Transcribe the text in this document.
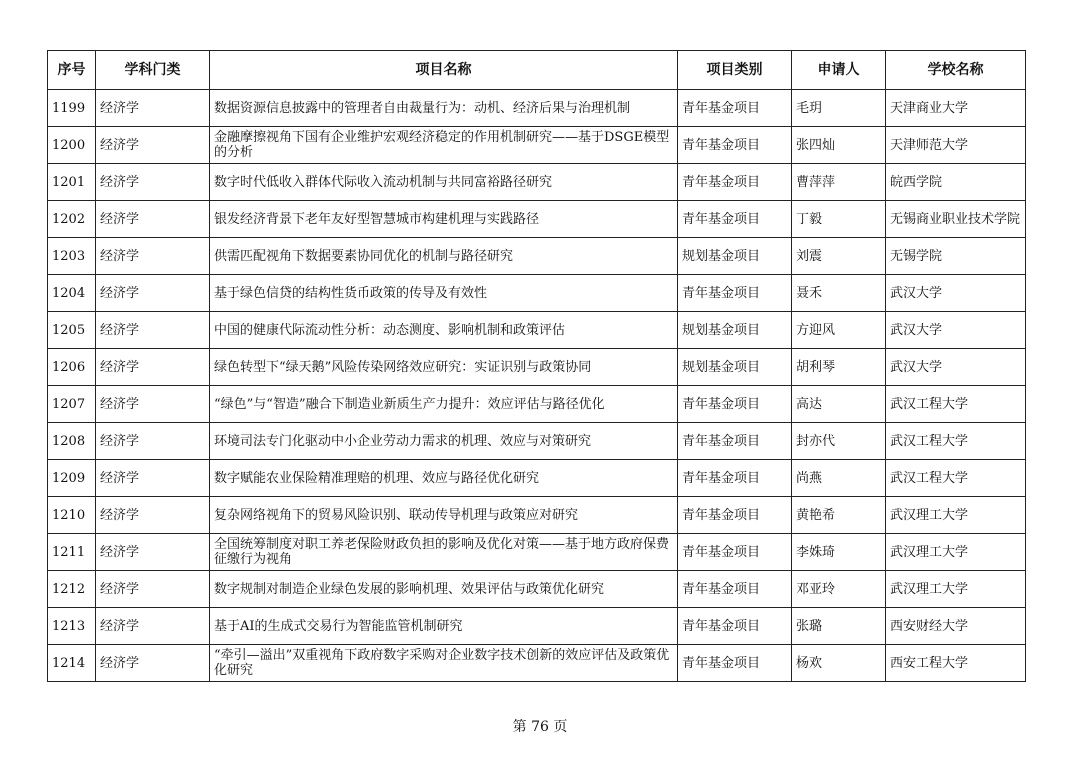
序号	学科门类	项目名称	项目类别	申请人	学校名称
1199	经济学	数据资源信息披露中的管理者自由裁量行为：动机、经济后果与治理机制	青年基金项目	毛玥	天津商业大学
1200	经济学	金融摩擦视角下国有企业维护宏观经济稳定的作用机制研究——基于DSGE模型的分析	青年基金项目	张四灿	天津师范大学
1201	经济学	数字时代低收入群体代际收入流动机制与共同富裕路径研究	青年基金项目	曹萍萍	皖西学院
1202	经济学	银发经济背景下老年友好型智慧城市构建机理与实践路径	青年基金项目	丁毅	无锡商业职业技术学院
1203	经济学	供需匹配视角下数据要素协同优化的机制与路径研究	规划基金项目	刘震	无锡学院
1204	经济学	基于绿色信贷的结构性货币政策的传导及有效性	青年基金项目	聂禾	武汉大学
1205	经济学	中国的健康代际流动性分析：动态测度、影响机制和政策评估	规划基金项目	方迎风	武汉大学
1206	经济学	绿色转型下“绿天鹅”风险传染网络效应研究：实证识别与政策协同	规划基金项目	胡利琴	武汉大学
1207	经济学	“绿色”与“智造”融合下制造业新质生产力提升：效应评估与路径优化	青年基金项目	高达	武汉工程大学
1208	经济学	环境司法专门化驱动中小企业劳动力需求的机理、效应与对策研究	青年基金项目	封亦代	武汉工程大学
1209	经济学	数字赋能农业保险精准理赔的机理、效应与路径优化研究	青年基金项目	尚燕	武汉工程大学
1210	经济学	复杂网络视角下的贸易风险识别、联动传导机理与政策应对研究	青年基金项目	黄艳希	武汉理工大学
1211	经济学	全国统筹制度对职工养老保险财政负担的影响及优化对策——基于地方政府保费征缴行为视角	青年基金项目	李姝琦	武汉理工大学
1212	经济学	数字规制对制造企业绿色发展的影响机理、效果评估与政策优化研究	青年基金项目	邓亚玲	武汉理工大学
1213	经济学	基于AI的生成式交易行为智能监管机制研究	青年基金项目	张璐	西安财经大学
1214	经济学	“牵引—溢出”双重视角下政府数字采购对企业数字技术创新的效应评估及政策优化研究	青年基金项目	杨欢	西安工程大学
第 76 页
